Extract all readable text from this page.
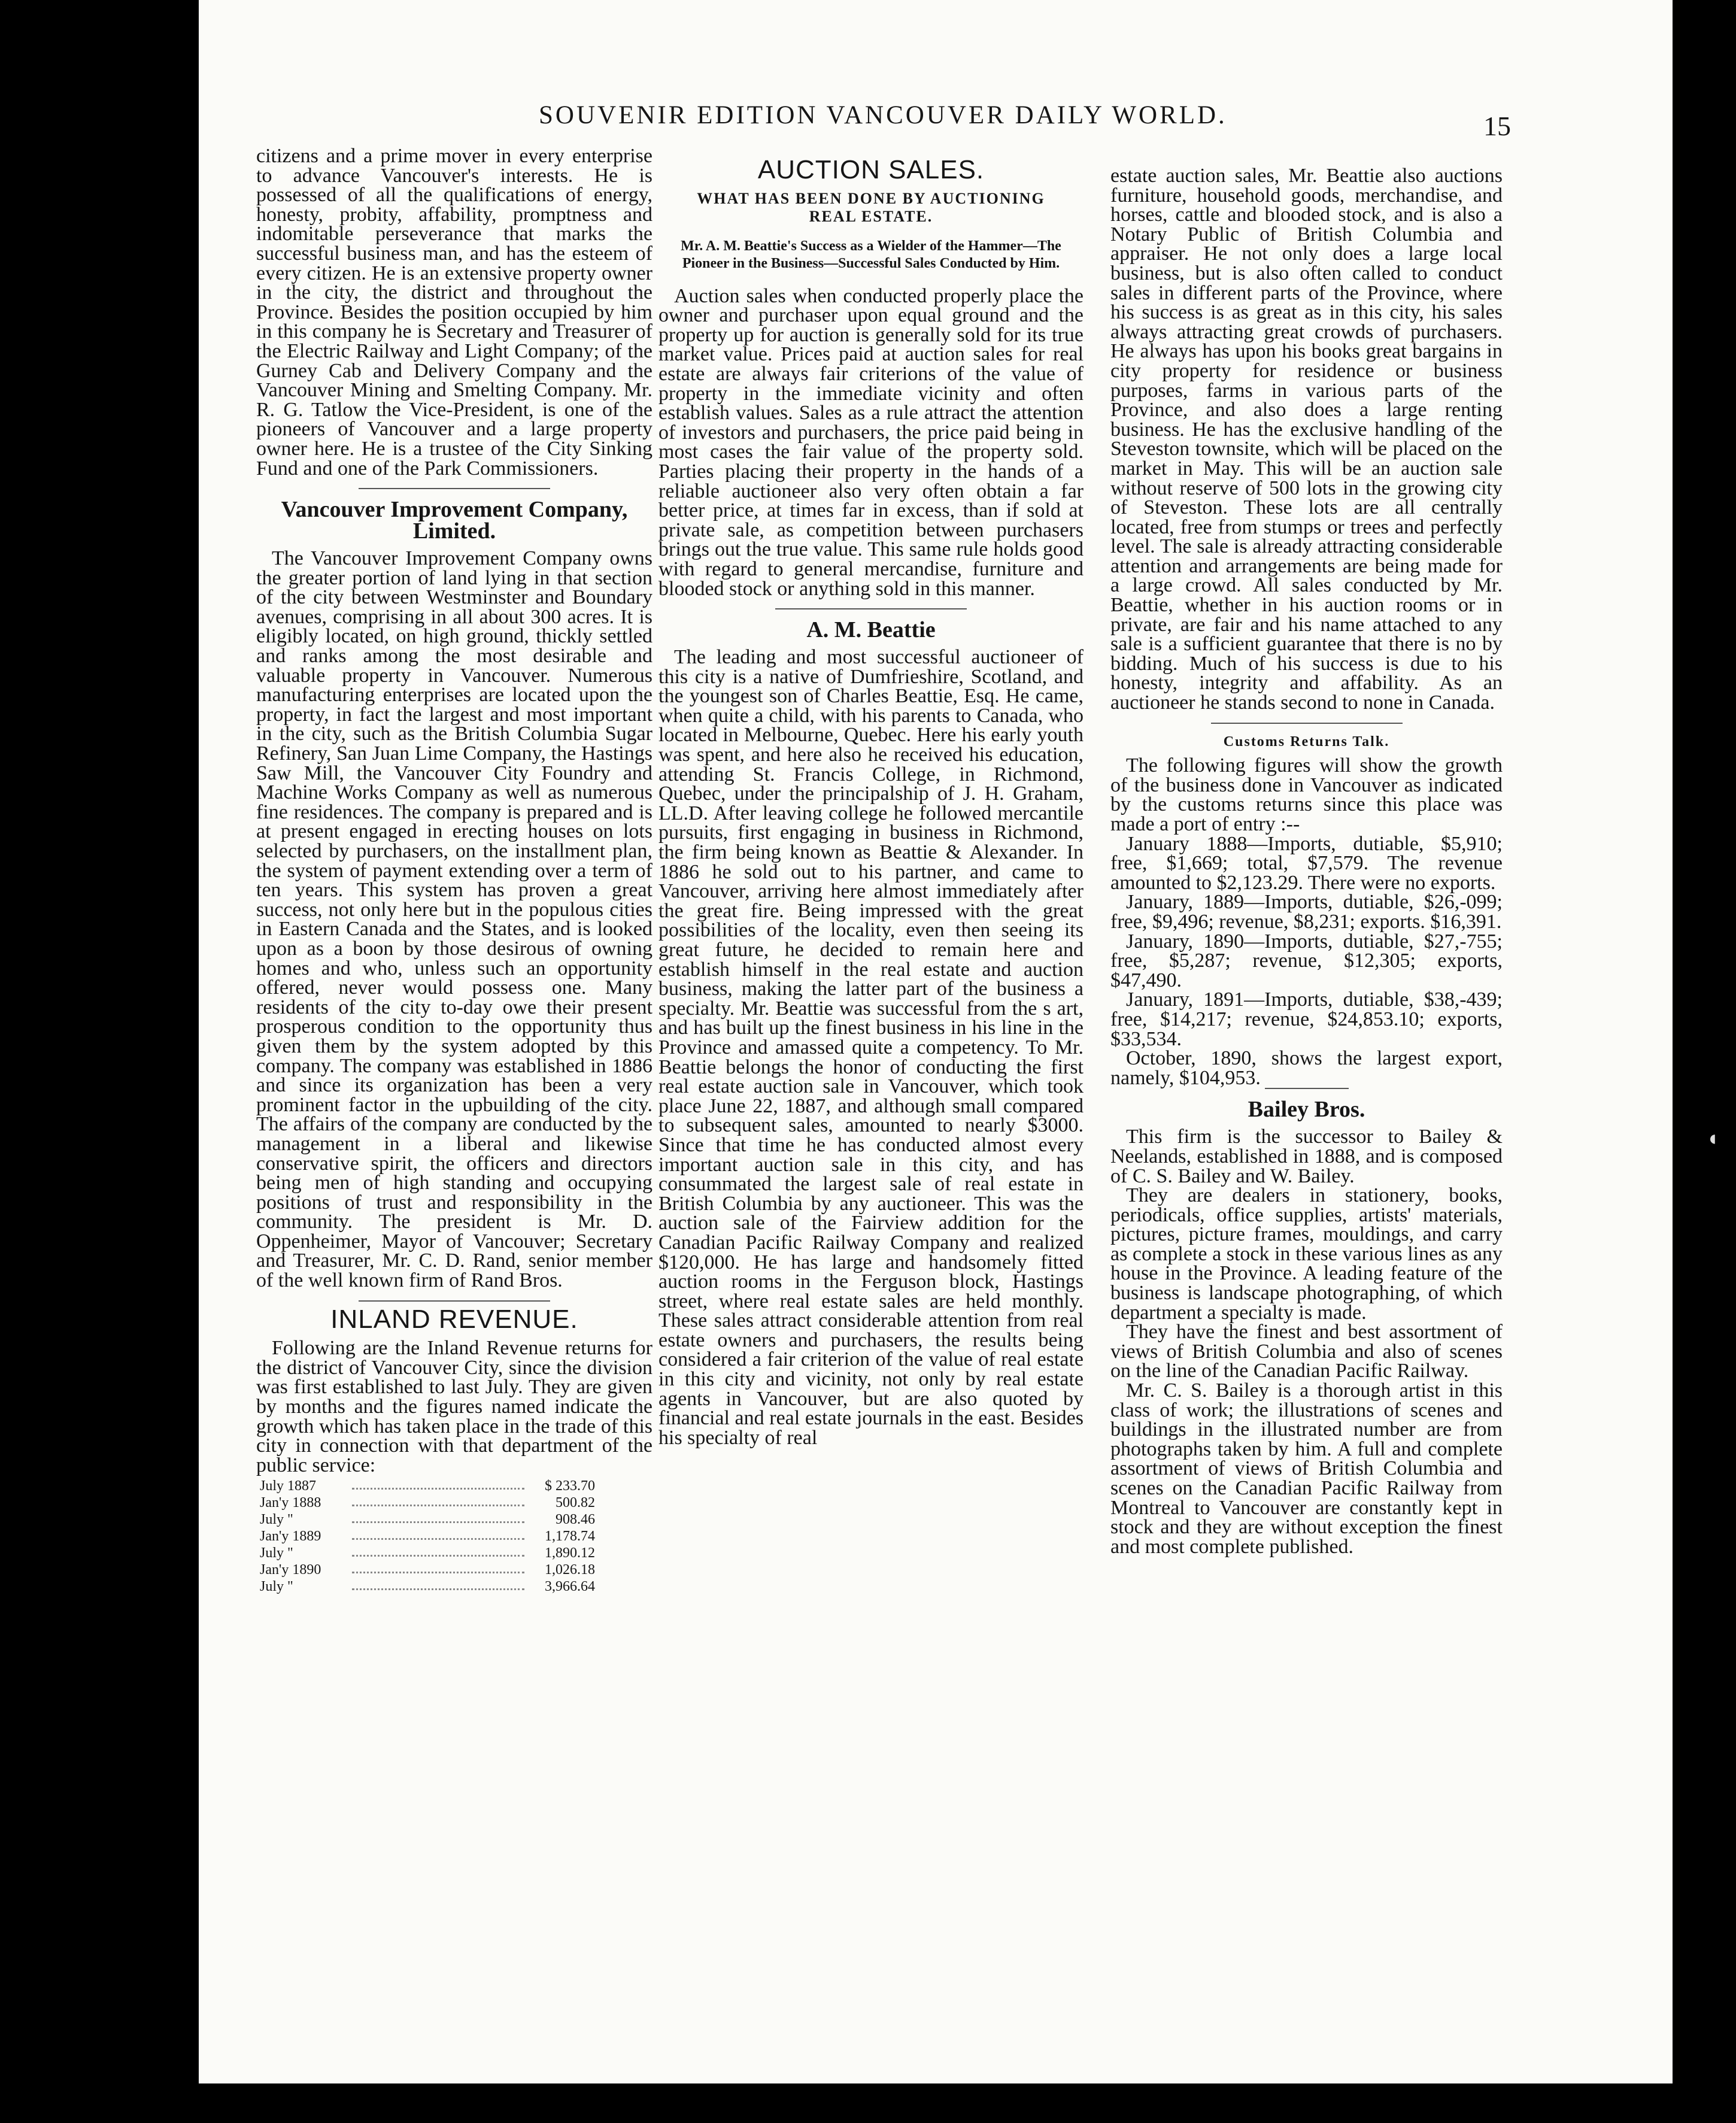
SOUVENIR EDITION VANCOUVER DAILY WORLD.	15

citizens and a prime mover in every enterprise to advance Vancouver's interests. He is possessed of all the qualifications of energy, honesty, probity, affability, promptness and indomitable perseverance that marks the successful business man, and has the esteem of every citizen. He is an extensive property owner in the city, the district and throughout the Province. Besides the position occupied by him in this company he is Secretary and Treasurer of the Electric Railway and Light Company; of the Gurney Cab and Delivery Company and the Vancouver Mining and Smelting Company. Mr. R. G. Tatlow the Vice-President, is one of the pioneers of Vancouver and a large property owner here. He is a trustee of the City Sinking Fund and one of the Park Commissioners.

Vancouver Improvement Company, Limited.

The Vancouver Improvement Company owns the greater portion of land lying in that section of the city between Westminster and Boundary avenues, comprising in all about 300 acres. It is eligibly located, on high ground, thickly settled and ranks among the most desirable and valuable property in Vancouver. Numerous manufacturing enterprises are located upon the property, in fact the largest and most important in the city, such as the British Columbia Sugar Refinery, San Juan Lime Company, the Hastings Saw Mill, the Vancouver City Foundry and Machine Works Company as well as numerous fine residences. The company is prepared and is at present engaged in erecting houses on lots selected by purchasers, on the installment plan, the system of payment extending over a term of ten years. This system has proven a great success, not only here but in the populous cities in Eastern Canada and the States, and is looked upon as a boon by those desirous of owning homes and who, unless such an opportunity offered, never would possess one. Many residents of the city to-day owe their present prosperous condition to the opportunity thus given them by the system adopted by this company. The company was established in 1886 and since its organization has been a very prominent factor in the upbuilding of the city. The affairs of the company are conducted by the management in a liberal and likewise conservative spirit, the officers and directors being men of high standing and occupying positions of trust and responsibility in the community. The president is Mr. D. Oppenheimer, Mayor of Vancouver; Secretary and Treasurer, Mr. C. D. Rand, senior member of the well known firm of Rand Bros.

INLAND REVENUE.

Following are the Inland Revenue returns for the district of Vancouver City, since the division was first established to last July. They are given by months and the figures named indicate the growth which has taken place in the trade of this city in connection with that department of the public service:

July 1887	$ 233.70
Jan'y 1888	500.82
July "	908.46
Jan'y 1889	1,178.74
July "	1,890.12
Jan'y 1890	1,026.18
July "	3,966.64
AUCTION SALES.
WHAT HAS BEEN DONE BY AUCTIONING REAL ESTATE.
Mr. A. M. Beattie's Success as a Wielder of the Hammer—The Pioneer in the Business—Successful Sales Conducted by Him.

Auction sales when conducted properly place the owner and purchaser upon equal ground and the property up for auction is generally sold for its true market value. Prices paid at auction sales for real estate are always fair criterions of the value of property in the immediate vicinity and often establish values. Sales as a rule attract the attention of investors and purchasers, the price paid being in most cases the fair value of the property sold. Parties placing their property in the hands of a reliable auctioneer also very often obtain a far better price, at times far in excess, than if sold at private sale, as competition between purchasers brings out the true value. This same rule holds good with regard to general mercandise, furniture and blooded stock or anything sold in this manner.

A. M. Beattie

The leading and most successful auctioneer of this city is a native of Dumfrieshire, Scotland, and the youngest son of Charles Beattie, Esq. He came, when quite a child, with his parents to Canada, who located in Melbourne, Quebec. Here his early youth was spent, and here also he received his education, attending St. Francis College, in Richmond, Quebec, under the principalship of J. H. Graham, LL.D. After leaving college he followed mercantile pursuits, first engaging in business in Richmond, the firm being known as Beattie & Alexander. In 1886 he sold out to his partner, and came to Vancouver, arriving here almost immediately after the great fire. Being impressed with the great possibilities of the locality, even then seeing its great future, he decided to remain here and establish himself in the real estate and auction business, making the latter part of the business a specialty. Mr. Beattie was successful from the s art, and has built up the finest business in his line in the Province and amassed quite a competency. To Mr. Beattie belongs the honor of conducting the first real estate auction sale in Vancouver, which took place June 22, 1887, and although small compared to subsequent sales, amounted to nearly $3000. Since that time he has conducted almost every important auction sale in this city, and has consummated the largest sale of real estate in British Columbia by any auctioneer. This was the auction sale of the Fairview addition for the Canadian Pacific Railway Company and realized $120,000. He has large and handsomely fitted auction rooms in the Ferguson block, Hastings street, where real estate sales are held monthly. These sales attract considerable attention from real estate owners and purchasers, the results being considered a fair criterion of the value of real estate in this city and vicinity, not only by real estate agents in Vancouver, but are also quoted by financial and real estate journals in the east. Besides his specialty of real

estate auction sales, Mr. Beattie also auctions furniture, household goods, merchandise, and horses, cattle and blooded stock, and is also a Notary Public of British Columbia and appraiser. He not only does a large local business, but is also often called to conduct sales in different parts of the Province, where his success is as great as in this city, his sales always attracting great crowds of purchasers. He always has upon his books great bargains in city property for residence or business purposes, farms in various parts of the Province, and also does a large renting business. He has the exclusive handling of the Steveston townsite, which will be placed on the market in May. This will be an auction sale without reserve of 500 lots in the growing city of Steveston. These lots are all centrally located, free from stumps or trees and perfectly level. The sale is already attracting considerable attention and arrangements are being made for a large crowd. All sales conducted by Mr. Beattie, whether in his auction rooms or in private, are fair and his name attached to any sale is a sufficient guarantee that there is no by bidding. Much of his success is due to his honesty, integrity and affability. As an auctioneer he stands second to none in Canada.

Customs Returns Talk.

The following figures will show the growth of the business done in Vancouver as indicated by the customs returns since this place was made a port of entry :--

January 1888—Imports, dutiable, $5,910; free, $1,669; total, $7,579. The revenue amounted to $2,123.29. There were no exports.

January, 1889—Imports, dutiable, $26,-099; free, $9,496; revenue, $8,231; exports. $16,391.

January, 1890—Imports, dutiable, $27,-755; free, $5,287; revenue, $12,305; exports, $47,490.

January, 1891—Imports, dutiable, $38,-439; free, $14,217; revenue, $24,853.10; exports, $33,534.

October, 1890, shows the largest export, namely, $104,953.

Bailey Bros.

This firm is the successor to Bailey & Neelands, established in 1888, and is composed of C. S. Bailey and W. Bailey.

They are dealers in stationery, books, periodicals, office supplies, artists' materials, pictures, picture frames, mouldings, and carry as complete a stock in these various lines as any house in the Province. A leading feature of the business is landscape photographing, of which department a specialty is made.

They have the finest and best assortment of views of British Columbia and also of scenes on the line of the Canadian Pacific Railway.

Mr. C. S. Bailey is a thorough artist in this class of work; the illustrations of scenes and buildings in the illustrated number are from photographs taken by him. A full and complete assortment of views of British Columbia and scenes on the Canadian Pacific Railway from Montreal to Vancouver are constantly kept in stock and they are without exception the finest and most complete published.

◖
